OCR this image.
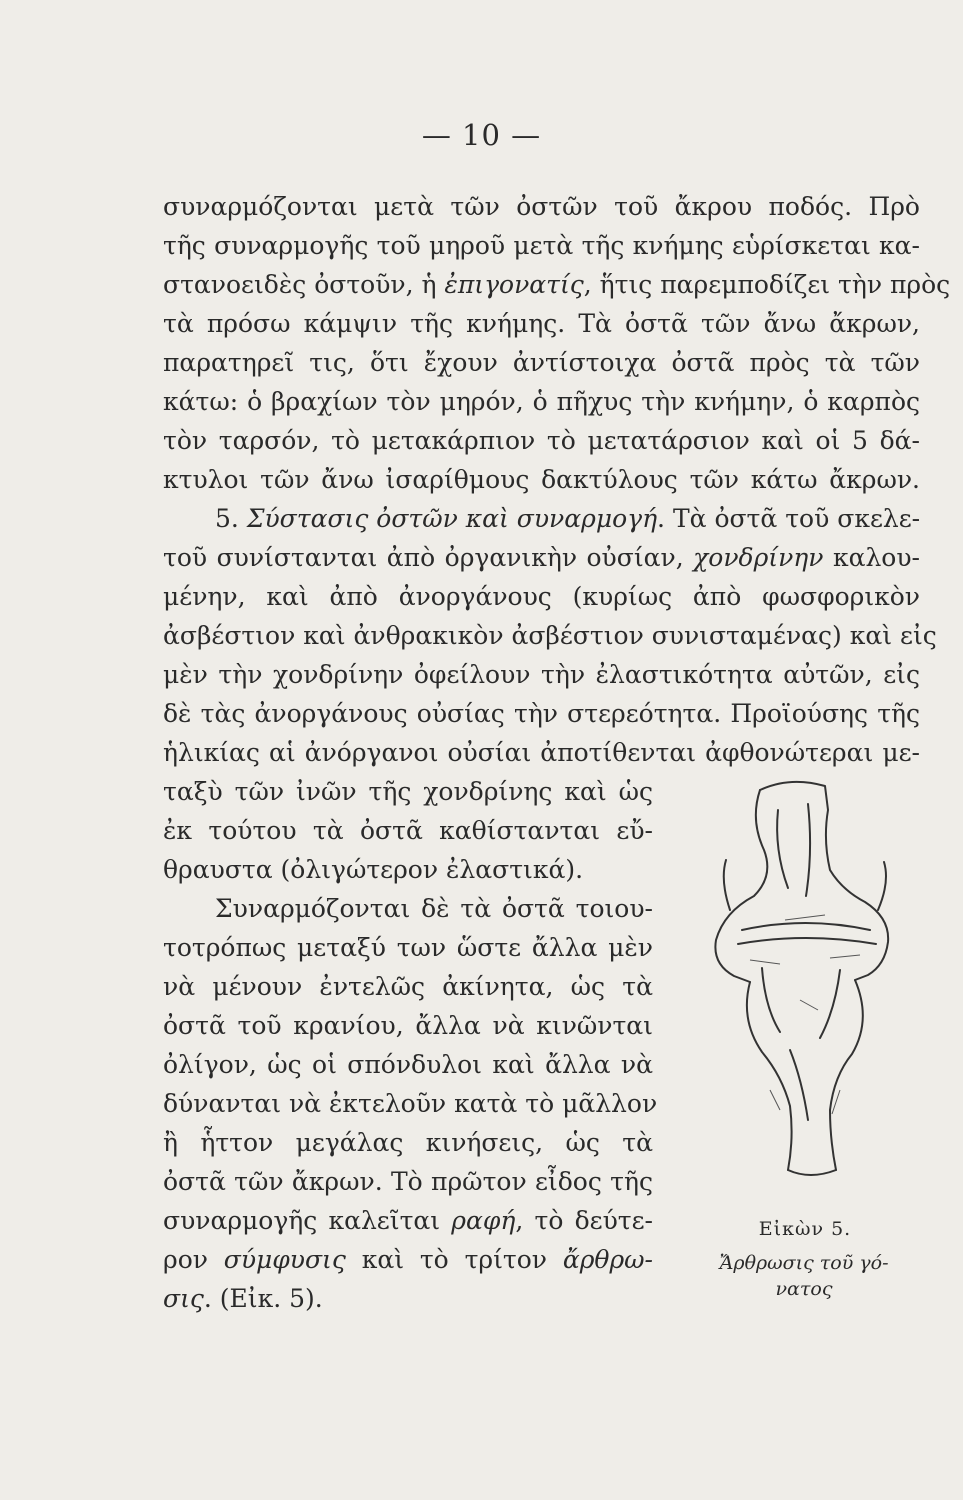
— 10 —
συναρμόζονται μετὰ τῶν ὀστῶν τοῦ ἄκρου ποδός. Πρὸ
τῆς συναρμογῆς τοῦ μηροῦ μετὰ τῆς κνήμης εὑρίσκεται κα-
στανοειδὲς ὀστοῦν, ἡ ἐπιγονατίς, ἥτις παρεμποδίζει τὴν πρὸς
τὰ πρόσω κάμψιν τῆς κνήμης. Τὰ ὀστᾶ τῶν ἄνω ἄκρων,
παρατηρεῖ τις, ὅτι ἔχουν ἀντίστοιχα ὀστᾶ πρὸς τὰ τῶν
κάτω: ὁ βραχίων τὸν μηρόν, ὁ πῆχυς τὴν κνήμην, ὁ καρπὸς
τὸν ταρσόν, τὸ μετακάρπιον τὸ μετατάρσιον καὶ οἱ 5 δά-
κτυλοι τῶν ἄνω ἰσαρίθμους δακτύλους τῶν κάτω ἄκρων.
5. Σύστασις ὀστῶν καὶ συναρμογή. Τὰ ὀστᾶ τοῦ σκελε-
τοῦ συνίστανται ἀπὸ ὀργανικὴν οὐσίαν, χονδρίνην καλου-
μένην, καὶ ἀπὸ ἀνοργάνους (κυρίως ἀπὸ φωσφορικὸν
ἀσβέστιον καὶ ἀνθρακικὸν ἀσβέστιον συνισταμένας) καὶ εἰς
μὲν τὴν χονδρίνην ὀφείλουν τὴν ἐλαστικότητα αὐτῶν, εἰς
δὲ τὰς ἀνοργάνους οὐσίας τὴν στερεότητα. Προϊούσης τῆς
ἡλικίας αἱ ἀνόργανοι οὐσίαι ἀποτίθενται ἀφθονώτεραι με-
ταξὺ τῶν ἰνῶν τῆς χονδρίνης καὶ ὡς
ἐκ τούτου τὰ ὀστᾶ καθίστανται εὔ-
θραυστα (ὀλιγώτερον ἐλαστικά).
Συναρμόζονται δὲ τὰ ὀστᾶ τοιου-
τοτρόπως μεταξύ των ὥστε ἄλλα μὲν
νὰ μένουν ἐντελῶς ἀκίνητα, ὡς τὰ
ὀστᾶ τοῦ κρανίου, ἄλλα νὰ κινῶνται
ὀλίγον, ὡς οἱ σπόνδυλοι καὶ ἄλλα νὰ
δύνανται νὰ ἐκτελοῦν κατὰ τὸ μᾶλλον
ἢ ἧττον μεγάλας κινήσεις, ὡς τὰ
ὀστᾶ τῶν ἄκρων. Τὸ πρῶτον εἶδος τῆς
συναρμογῆς καλεῖται ραφή, τὸ δεύτε-
ρον σύμφυσις καὶ τὸ τρίτον ἄρθρω-
σις. (Εἰκ. 5).
Εἰκὼν 5.
Ἄρθρωσις τοῦ γό-
νατος
